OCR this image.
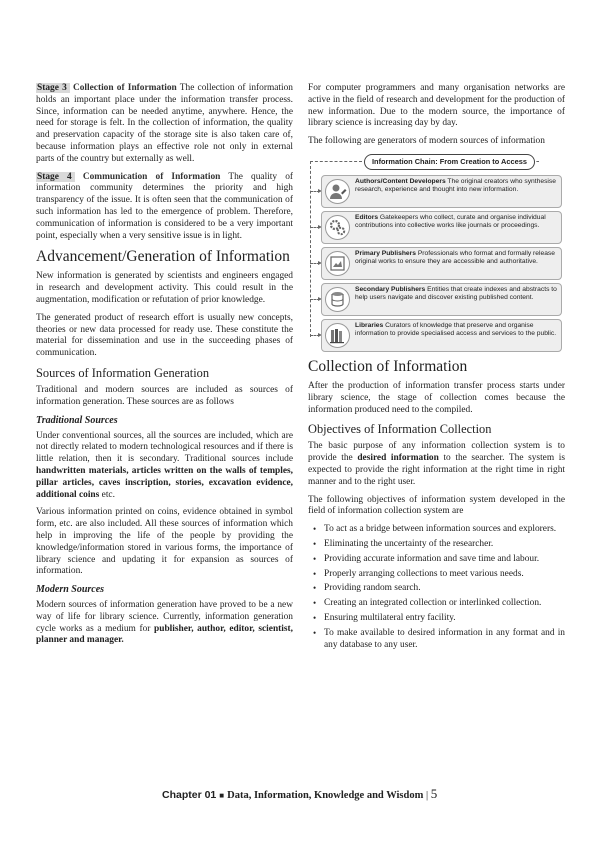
Stage 3 Collection of Information The collection of information holds an important place under the information transfer process. Since, information can be needed anytime, anywhere. Hence, the need for storage is felt. In the collection of information, the quality and preservation capacity of the storage site is also taken care of, because information plays an effective role not only in external parts of the country but externally as well.

Stage 4 Communication of Information The quality of information community determines the priority and high transparency of the issue. It is often seen that the communication of such information has led to the emergence of problem. Therefore, communication of information is considered to be a very important point, especially when a very sensitive issue is in light.

Advancement/Generation of Information

New information is generated by scientists and engineers engaged in research and development activity. This could result in the augmentation, modification or refutation of prior knowledge.

The generated product of research effort is usually new concepts, theories or new data processed for ready use. These constitute the material for dissemination and use in the succeeding phases of communication.

Sources of Information Generation

Traditional and modern sources are included as sources of information generation. These sources are as follows

Traditional Sources

Under conventional sources, all the sources are included, which are not directly related to modern technological resources and if there is little relation, then it is secondary. Traditional sources include handwritten materials, articles written on the walls of temples, pillar articles, caves inscription, stories, excavation evidence, additional coins etc.

Various information printed on coins, evidence obtained in symbol form, etc. are also included. All these sources of information which help in improving the life of the people by providing the knowledge/information stored in various forms, the importance of library science and updating it for expansion as sources of information.

Modern Sources

Modern sources of information generation have proved to be a new way of life for library science. Currently, information generation cycle works as a medium for publisher, author, editor, scientist, planner and manager.

For computer programmers and many organisation networks are active in the field of research and development for the production of new information. Due to the modern source, the importance of library science is increasing day by day.

The following are generators of modern sources of information

Information Chain: From Creation to Access
Authors/Content Developers The original creators who synthesise research, experience and thought into new information.
Editors Gatekeepers who collect, curate and organise individual contributions into collective works like journals or proceedings.
Primary Publishers Professionals who format and formally release original works to ensure they are accessible and authoritative.
Secondary Publishers Entities that create indexes and abstracts to help users navigate and discover existing published content.
Libraries Curators of knowledge that preserve and organise information to provide specialised access and services to the public.
Collection of Information

After the production of information transfer process starts under library science, the stage of collection comes because the information produced need to the compiled.

Objectives of Information Collection

The basic purpose of any information collection system is to provide the desired information to the searcher. The system is expected to provide the right information at the right time in right manner and to the right user.

The following objectives of information system developed in the field of information collection system are

• To act as a bridge between information sources and explorers.
• Eliminating the uncertainty of the researcher.
• Providing accurate information and save time and labour.
• Properly arranging collections to meet various needs.
• Providing random search.
• Creating an integrated collection or interlinked collection.
• Ensuring multilateral entry facility.
• To make available to desired information in any format and in any database to any user.
Chapter 01 ■ Data, Information, Knowledge and Wisdom | 5
